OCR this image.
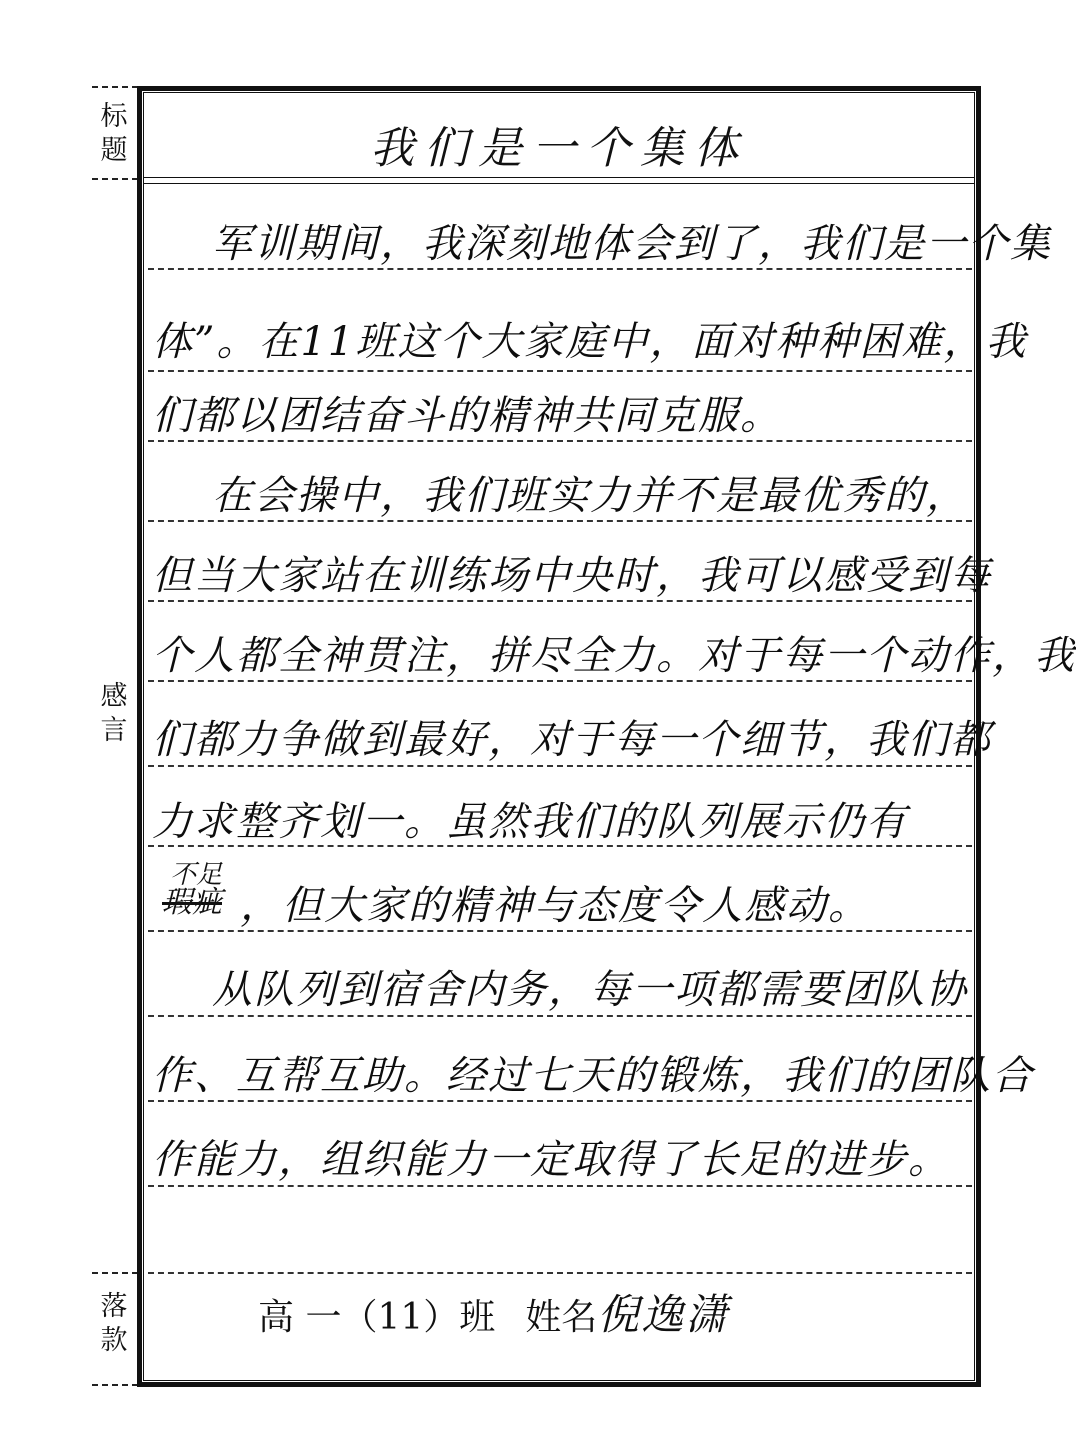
标
题
感
言
落
款
我们是一个集体
军训期间，我深刻地体会到了，我们是一个集
体”。在11班这个大家庭中，面对种种困难，我
们都以团结奋斗的精神共同克服。
在会操中，我们班实力并不是最优秀的，
但当大家站在训练场中央时，我可以感受到每
个人都全神贯注，拼尽全力。对于每一个动作，我
们都力争做到最好，对于每一个细节，我们都
力求整齐划一。虽然我们的队列展示仍有
，但大家的精神与态度令人感动。
从队列到宿舍内务，每一项都需要团队协
作、互帮互助。经过七天的锻炼，我们的团队合
作能力，组织能力一定取得了长足的进步。
不足
瑕疵
高 一（11）班 姓名倪逸潇
